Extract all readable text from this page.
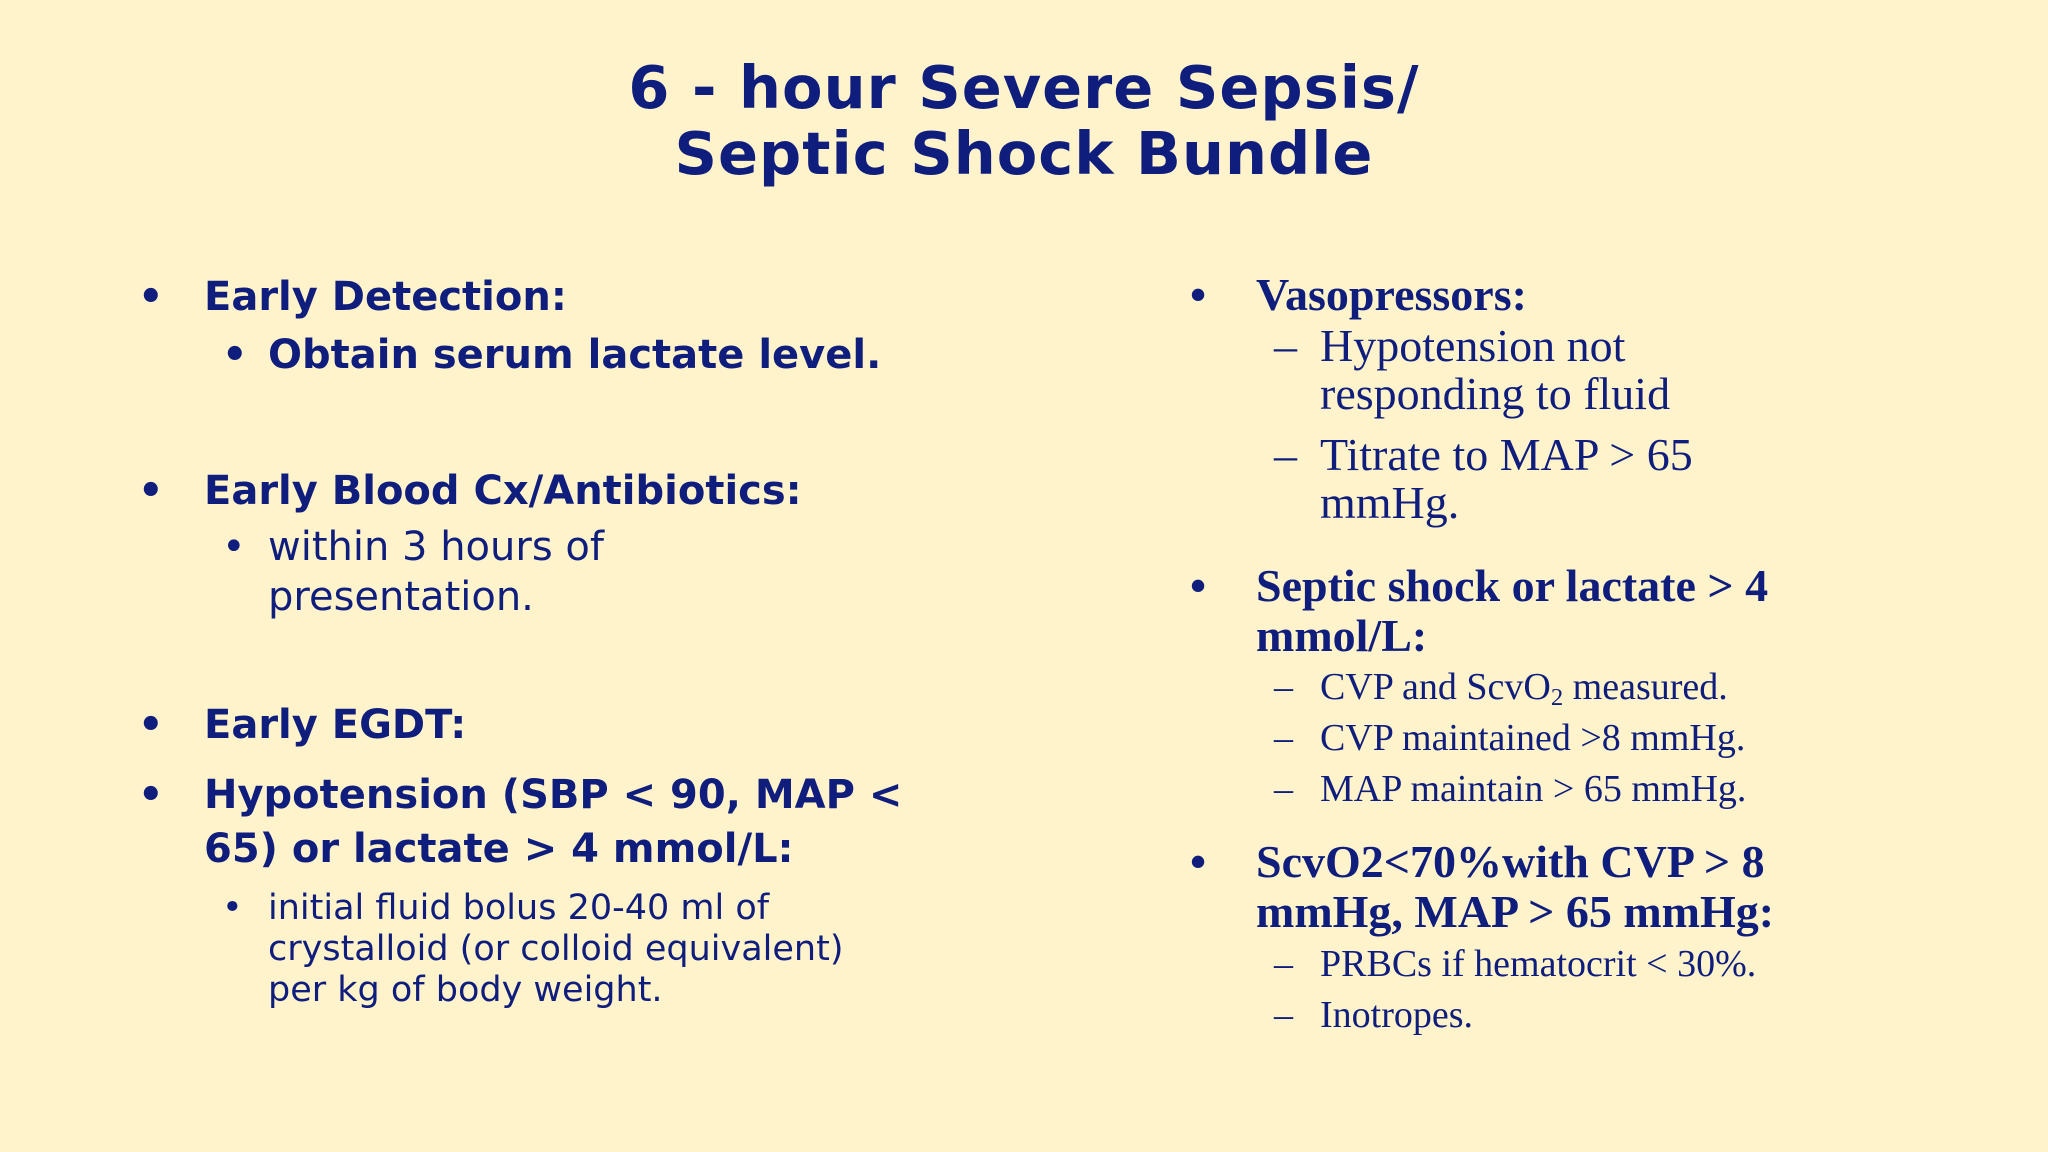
6 - hour Severe Sepsis/
Septic Shock Bundle
• Early Detection:
• Obtain serum lactate level.
• Early Blood Cx/Antibiotics:
• within 3 hours of
presentation.
• Early EGDT:
• Hypotension (SBP < 90, MAP <
65) or lactate > 4 mmol/L:
• initial fluid bolus 20-40 ml of
crystalloid (or colloid equivalent)
per kg of body weight.
• Vasopressors:
– Hypotension not
responding to fluid
– Titrate to MAP > 65
mmHg.
• Septic shock or lactate > 4
mmol/L:
– CVP and ScvO$_2$ measured.
– CVP maintained >8 mmHg.
– MAP maintain > 65 mmHg.
• ScvO2<70%with CVP > 8
mmHg, MAP > 65 mmHg:
– PRBCs if hematocrit < 30%.
– Inotropes.
